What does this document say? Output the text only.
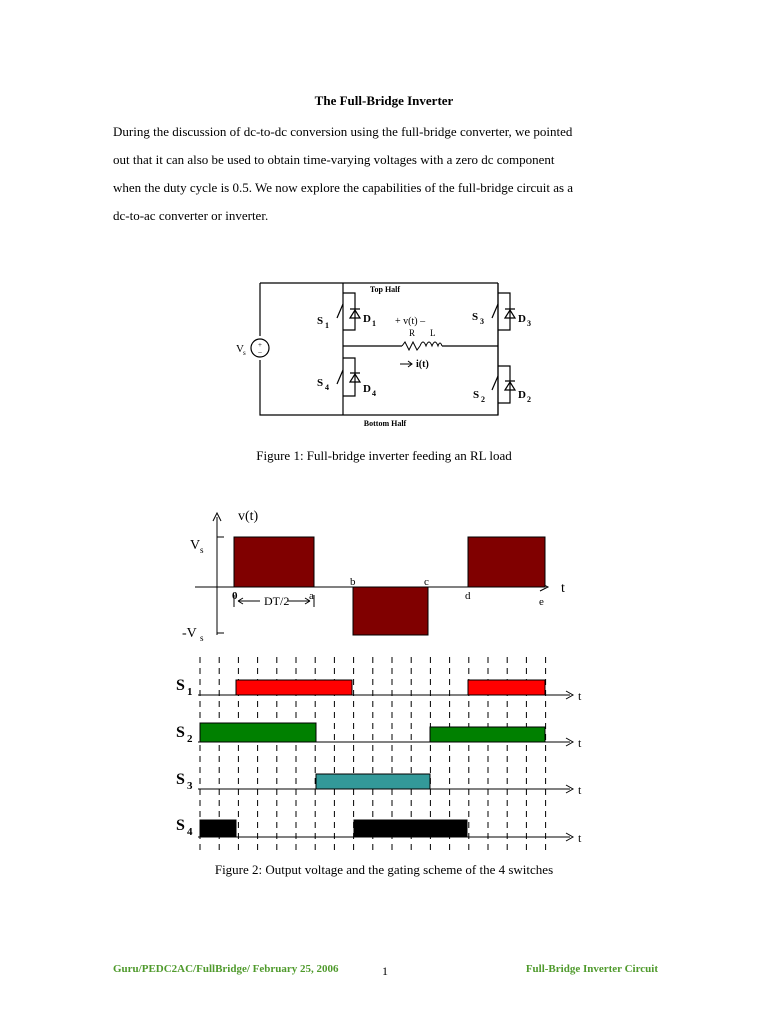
The Full-Bridge Inverter
During the discussion of dc-to-dc conversion using the full-bridge converter, we pointed
out that it can also be used to obtain time-varying voltages with a zero dc component
when the duty cycle is 0.5. We now explore the capabilities of the full-bridge circuit as a
dc-to-ac converter or inverter.
+
–
V s
Top Half
Bottom Half
+ v(t) –
R L
i(t)
S 1
D 1
S 3	D 3
S 4	D 4	S 2	D 2
Figure 1: Full-bridge inverter feeding an RL load
v(t)
V s
-V s
t
0	a
b	c
d	e
DT/2
S 1
S 2
S 3
S 4
t
t
t
t
Figure 2: Output voltage and the gating scheme of the 4 switches
Guru/PEDC2AC/FullBridge/ February 25, 2006	1	Full-Bridge Inverter Circuit
